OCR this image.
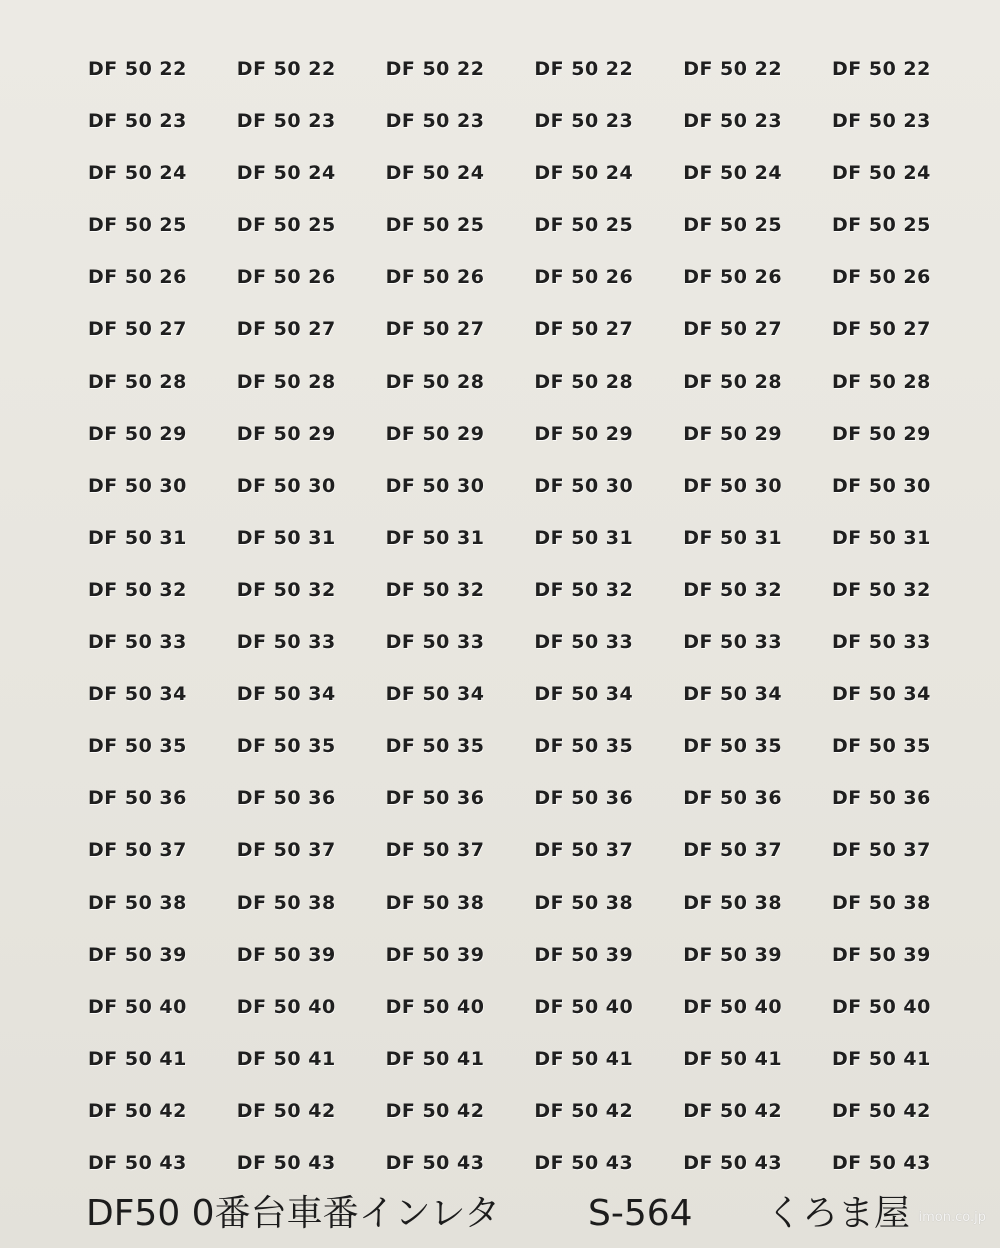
DF 50 22	DF 50 22	DF 50 22	DF 50 22	DF 50 22	DF 50 22
DF 50 23	DF 50 23	DF 50 23	DF 50 23	DF 50 23	DF 50 23
DF 50 24	DF 50 24	DF 50 24	DF 50 24	DF 50 24	DF 50 24
DF 50 25	DF 50 25	DF 50 25	DF 50 25	DF 50 25	DF 50 25
DF 50 26	DF 50 26	DF 50 26	DF 50 26	DF 50 26	DF 50 26
DF 50 27	DF 50 27	DF 50 27	DF 50 27	DF 50 27	DF 50 27
DF 50 28	DF 50 28	DF 50 28	DF 50 28	DF 50 28	DF 50 28
DF 50 29	DF 50 29	DF 50 29	DF 50 29	DF 50 29	DF 50 29
DF 50 30	DF 50 30	DF 50 30	DF 50 30	DF 50 30	DF 50 30
DF 50 31	DF 50 31	DF 50 31	DF 50 31	DF 50 31	DF 50 31
DF 50 32	DF 50 32	DF 50 32	DF 50 32	DF 50 32	DF 50 32
DF 50 33	DF 50 33	DF 50 33	DF 50 33	DF 50 33	DF 50 33
DF 50 34	DF 50 34	DF 50 34	DF 50 34	DF 50 34	DF 50 34
DF 50 35	DF 50 35	DF 50 35	DF 50 35	DF 50 35	DF 50 35
DF 50 36	DF 50 36	DF 50 36	DF 50 36	DF 50 36	DF 50 36
DF 50 37	DF 50 37	DF 50 37	DF 50 37	DF 50 37	DF 50 37
DF 50 38	DF 50 38	DF 50 38	DF 50 38	DF 50 38	DF 50 38
DF 50 39	DF 50 39	DF 50 39	DF 50 39	DF 50 39	DF 50 39
DF 50 40	DF 50 40	DF 50 40	DF 50 40	DF 50 40	DF 50 40
DF 50 41	DF 50 41	DF 50 41	DF 50 41	DF 50 41	DF 50 41
DF 50 42	DF 50 42	DF 50 42	DF 50 42	DF 50 42	DF 50 42
DF 50 43	DF 50 43	DF 50 43	DF 50 43	DF 50 43	DF 50 43
DF50 0番台車番インレタ S-564 くろま屋 imon.co.jp
